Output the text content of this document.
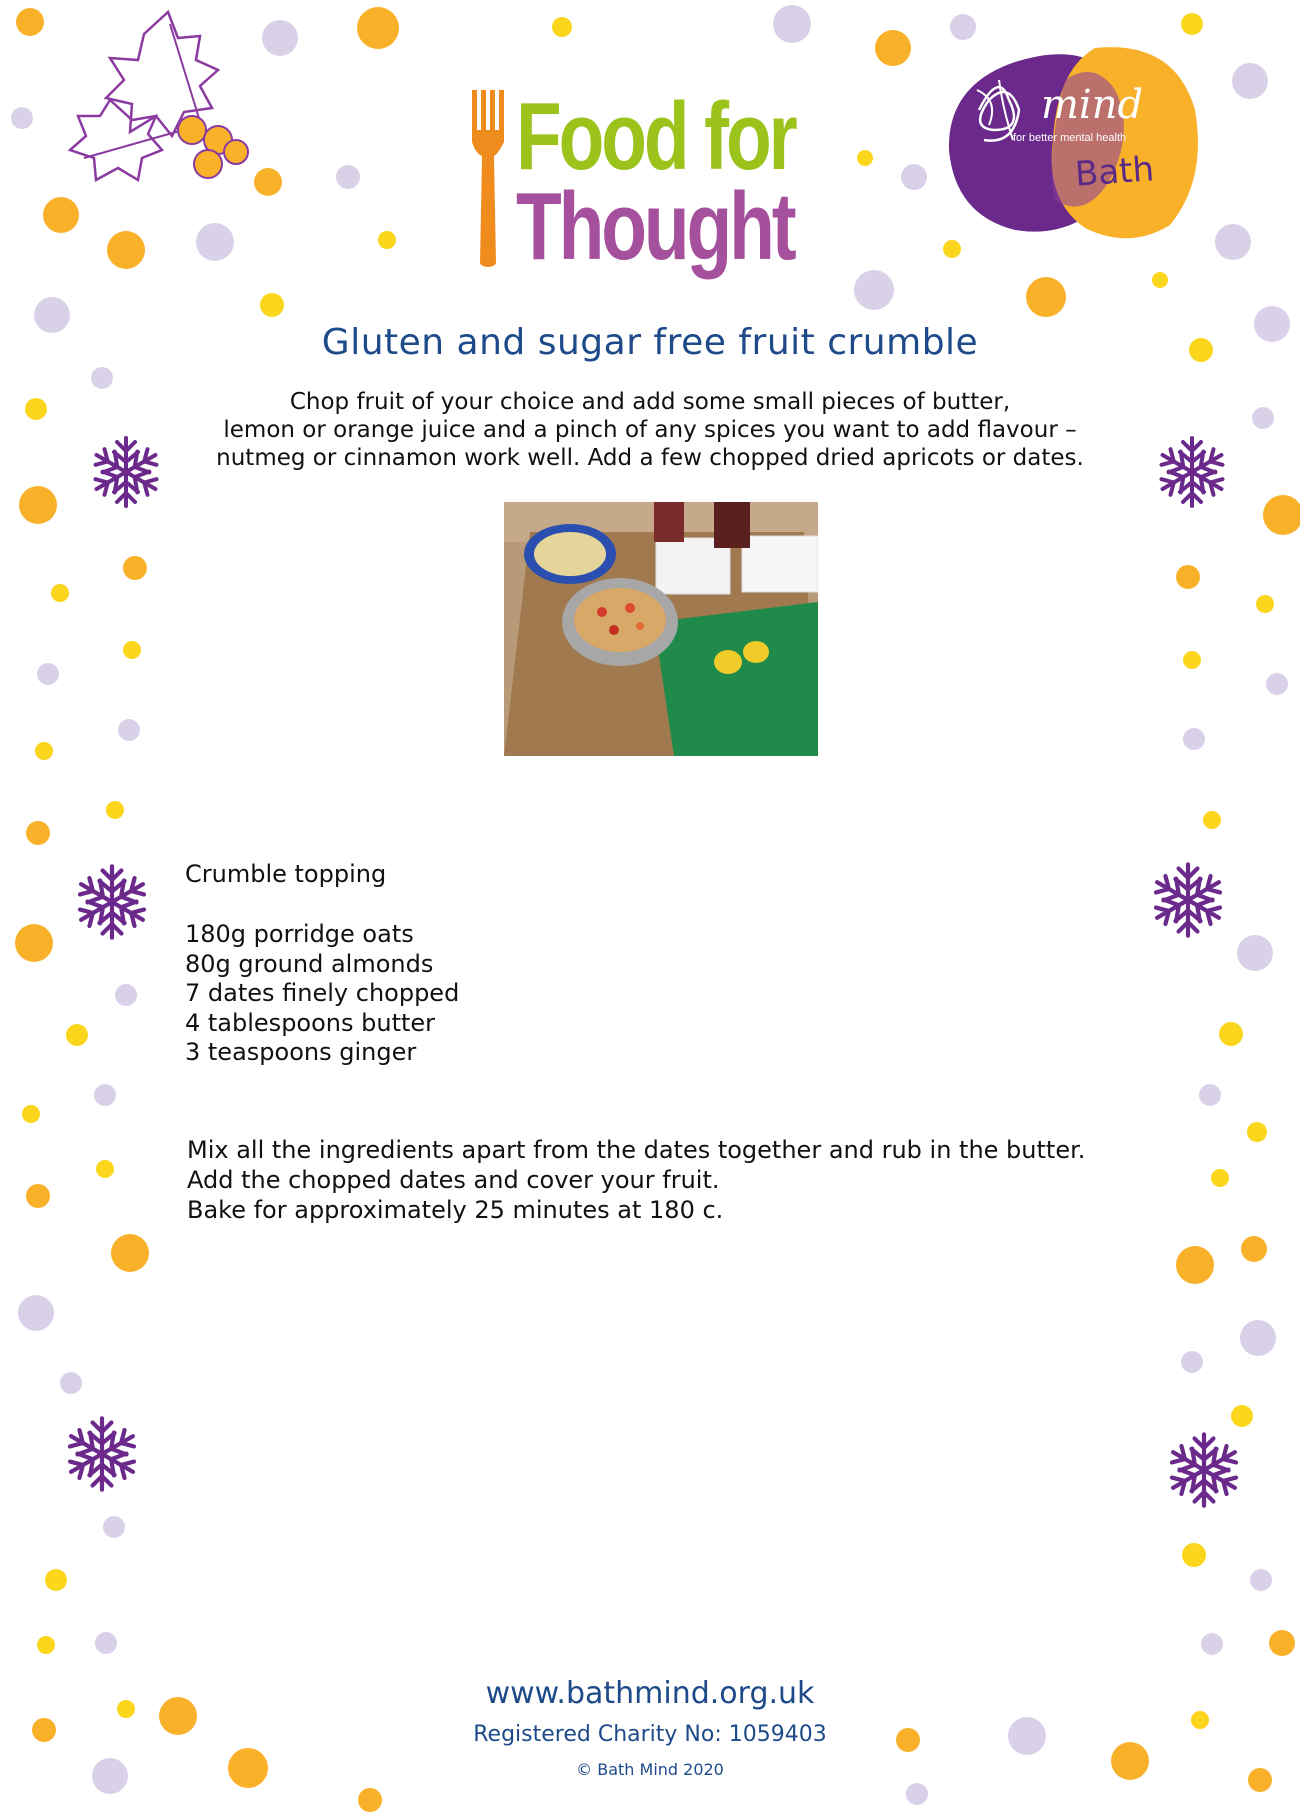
Food for
Thought
mind
for better mental health
Bath
Gluten and sugar free fruit crumble
Chop fruit of your choice and add some small pieces of butter,
lemon or orange juice and a pinch of any spices you want to add flavour –
nutmeg or cinnamon work well. Add a few chopped dried apricots or dates.
Crumble topping
180g porridge oats
80g ground almonds
7 dates finely chopped
4 tablespoons butter
3 teaspoons ginger
Mix all the ingredients apart from the dates together and rub in the butter.
Add the chopped dates and cover your fruit.
Bake for approximately 25 minutes at 180 c.
www.bathmind.org.uk
Registered Charity No: 1059403
© Bath Mind 2020
